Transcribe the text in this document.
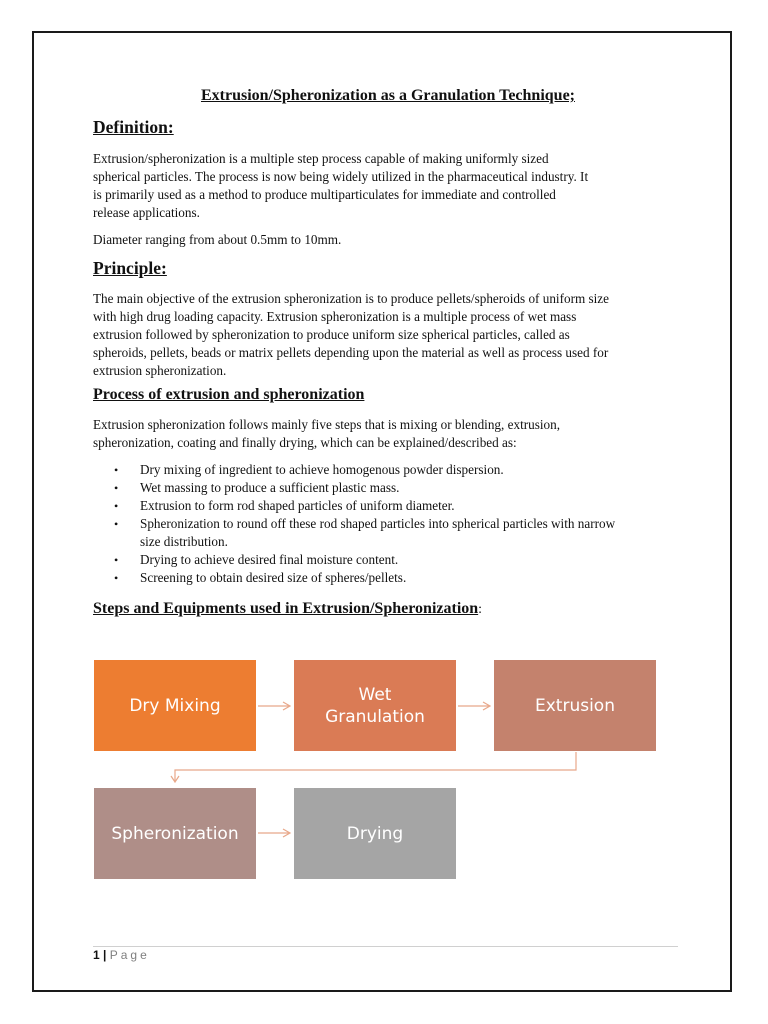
Extrusion/Spheronization as a Granulation Technique;
Definition:
Extrusion/spheronization is a multiple step process capable of making uniformly sized
spherical particles. The process is now being widely utilized in the pharmaceutical industry. It
is primarily used as a method to produce multiparticulates for immediate and controlled
release applications.

Diameter ranging from about 0.5mm to 10mm.

Principle:
The main objective of the extrusion spheronization is to produce pellets/spheroids of uniform size
with high drug loading capacity. Extrusion spheronization is a multiple process of wet mass
extrusion followed by spheronization to produce uniform size spherical particles, called as
spheroids, pellets, beads or matrix pellets depending upon the material as well as process used for
extrusion spheronization.
Process of extrusion and spheronization
Extrusion spheronization follows mainly five steps that is mixing or blending, extrusion,
spheronization, coating and finally drying, which can be explained/described as:
• Dry mixing of ingredient to achieve homogenous powder dispersion.
• Wet massing to produce a sufficient plastic mass.
• Extrusion to form rod shaped particles of uniform diameter.
• Spheronization to round off these rod shaped particles into spherical particles with narrow
size distribution.
• Drying to achieve desired final moisture content.
• Screening to obtain desired size of spheres/pellets.
Steps and Equipments used in Extrusion/Spheronization:
Dry Mixing
Wet
Granulation
Extrusion
Spheronization	Drying
1 | Page
